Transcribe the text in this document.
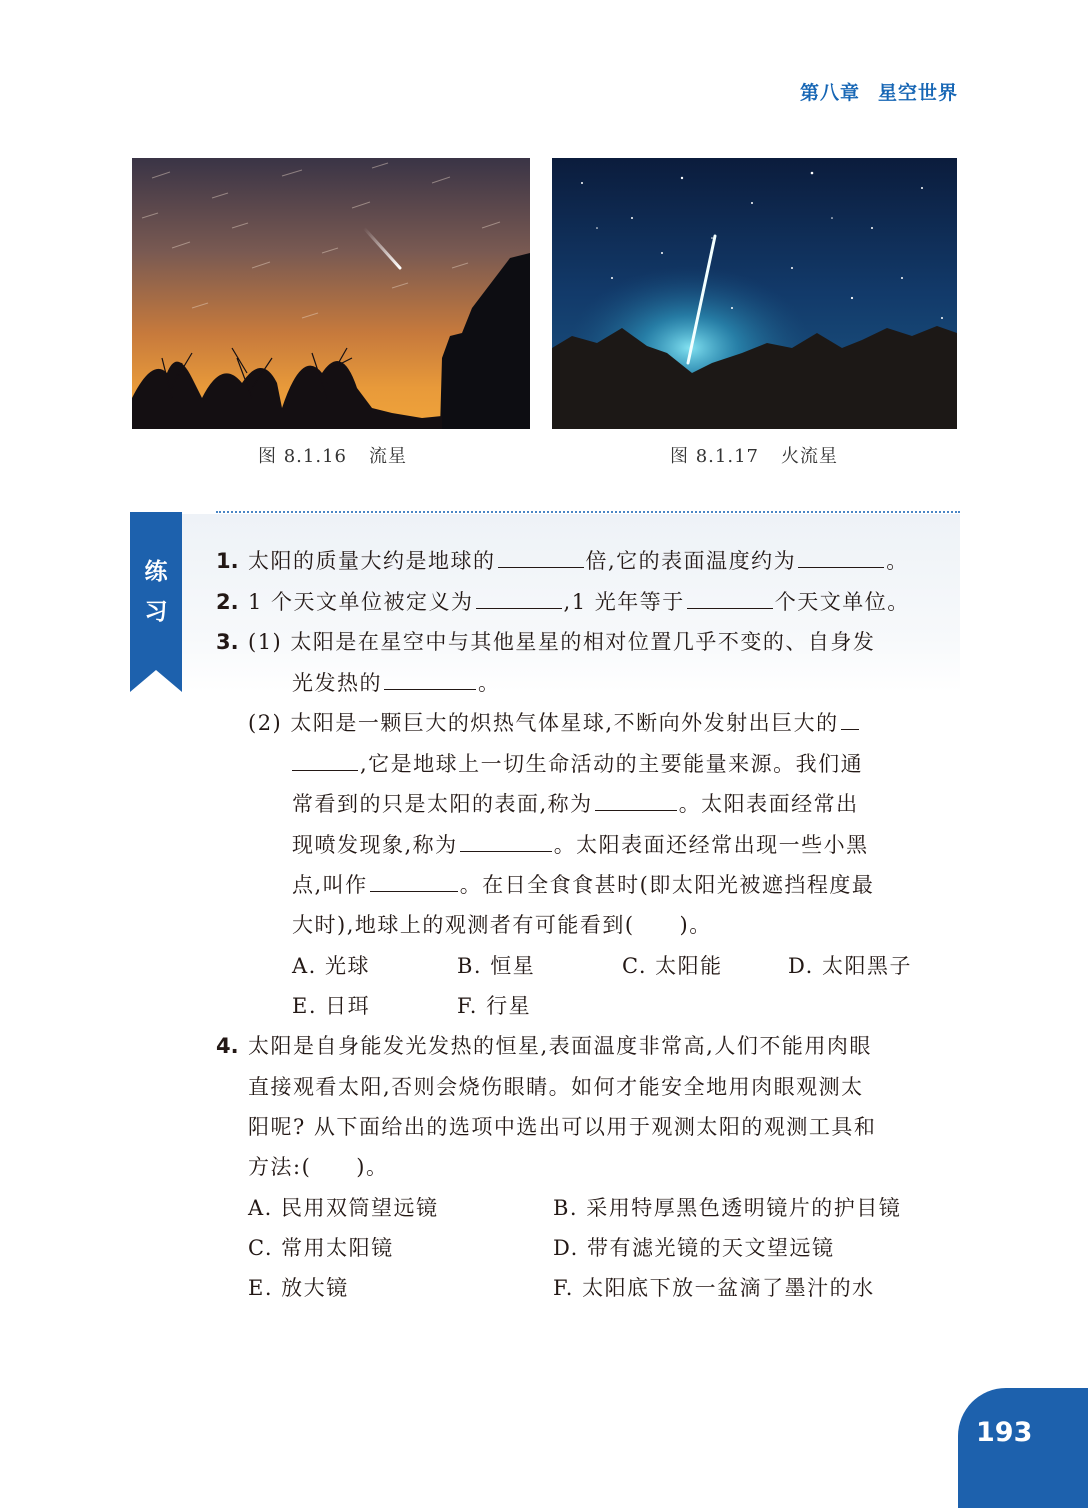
第八章 星空世界
图 8.1.16 流星	图 8.1.17 火流星
练
习
1. 太阳的质量大约是地球的	倍,它的表面温度约为	。
2. 1 个天文单位被定义为	,1 光年等于	个天文单位。
3. (1) 太阳是在星空中与其他星星的相对位置几乎不变的、自身发
光发热的	。
(2) 太阳是一颗巨大的炽热气体星球,不断向外发射出巨大的
,它是地球上一切生命活动的主要能量来源。我们通
常看到的只是太阳的表面,称为	。太阳表面经常出
现喷发现象,称为	。太阳表面还经常出现一些小黑
点,叫作	。在日全食食甚时(即太阳光被遮挡程度最
大时),地球上的观测者有可能看到(　　)。
A. 光球	B. 恒星	C. 太阳能	D. 太阳黑子
E. 日珥	F. 行星
4. 太阳是自身能发光发热的恒星,表面温度非常高,人们不能用肉眼
直接观看太阳,否则会烧伤眼睛。如何才能安全地用肉眼观测太
阳呢? 从下面给出的选项中选出可以用于观测太阳的观测工具和
方法:(　　)。
A. 民用双筒望远镜	B. 采用特厚黑色透明镜片的护目镜
C. 常用太阳镜	D. 带有滤光镜的天文望远镜
E. 放大镜	F. 太阳底下放一盆滴了墨汁的水
193
